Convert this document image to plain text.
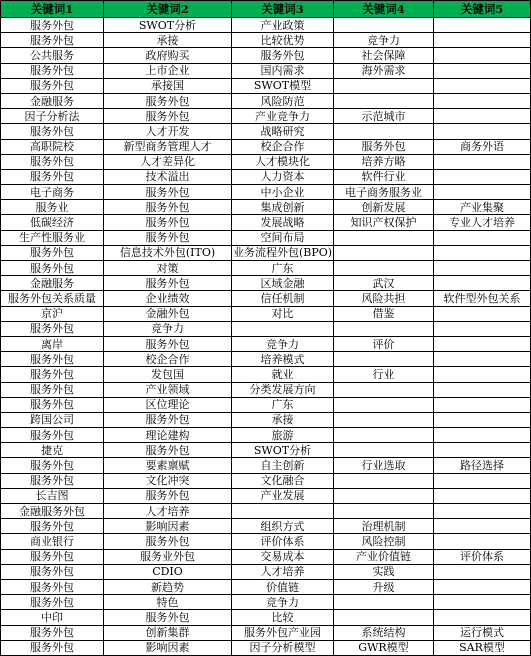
关键词1	关键词2	关键词3	关键词4	关键词5
服务外包	SWOT分析	产业政策		
服务外包	承接	比较优势	竞争力	
公共服务	政府购买	服务外包	社会保障	
服务外包	上市企业	国内需求	海外需求	
服务外包	承接国	SWOT模型		
金融服务	服务外包	风险防范		
因子分析法	服务外包	产业竞争力	示范城市	
服务外包	人才开发	战略研究		
高职院校	新型商务管理人才	校企合作	服务外包	商务外语
服务外包	人才差异化	人才模块化	培养方略	
服务外包	技术溢出	人力资本	软件行业	
电子商务	服务外包	中小企业	电子商务服务业	
服务业	服务外包	集成创新	创新发展	产业集聚
低碳经济	服务外包	发展战略	知识产权保护	专业人才培养
生产性服务业	服务外包	空间布局		
服务外包	信息技术外包(ITO)	业务流程外包(BPO)		
服务外包	对策	广东		
金融服务	服务外包	区域金融	武汉	
服务外包关系质量	企业绩效	信任机制	风险共担	软件型外包关系
京沪	金融外包	对比	借鉴	
服务外包	竞争力			
离岸	服务外包	竞争力	评价	
服务外包	校企合作	培养模式		
服务外包	发包国	就业	行业	
服务外包	产业领域	分类发展方向		
服务外包	区位理论	广东		
跨国公司	服务外包	承接		
服务外包	理论建构	旅游		
捷克	服务外包	SWOT分析		
服务外包	要素禀赋	自主创新	行业选取	路径选择
服务外包	文化冲突	文化融合		
长吉图	服务外包	产业发展		
金融服务外包	人才培养			
服务外包	影响因素	组织方式	治理机制	
商业银行	服务外包	评价体系	风险控制	
服务外包	服务业外包	交易成本	产业价值链	评价体系
服务外包	CDIO	人才培养	实践	
服务外包	新趋势	价值链	升级	
服务外包	特色	竞争力		
中印	服务外包	比较		
服务外包	创新集群	服务外包产业园	系统结构	运行模式
服务外包	影响因素	因子分析模型	GWR模型	SAR模型
